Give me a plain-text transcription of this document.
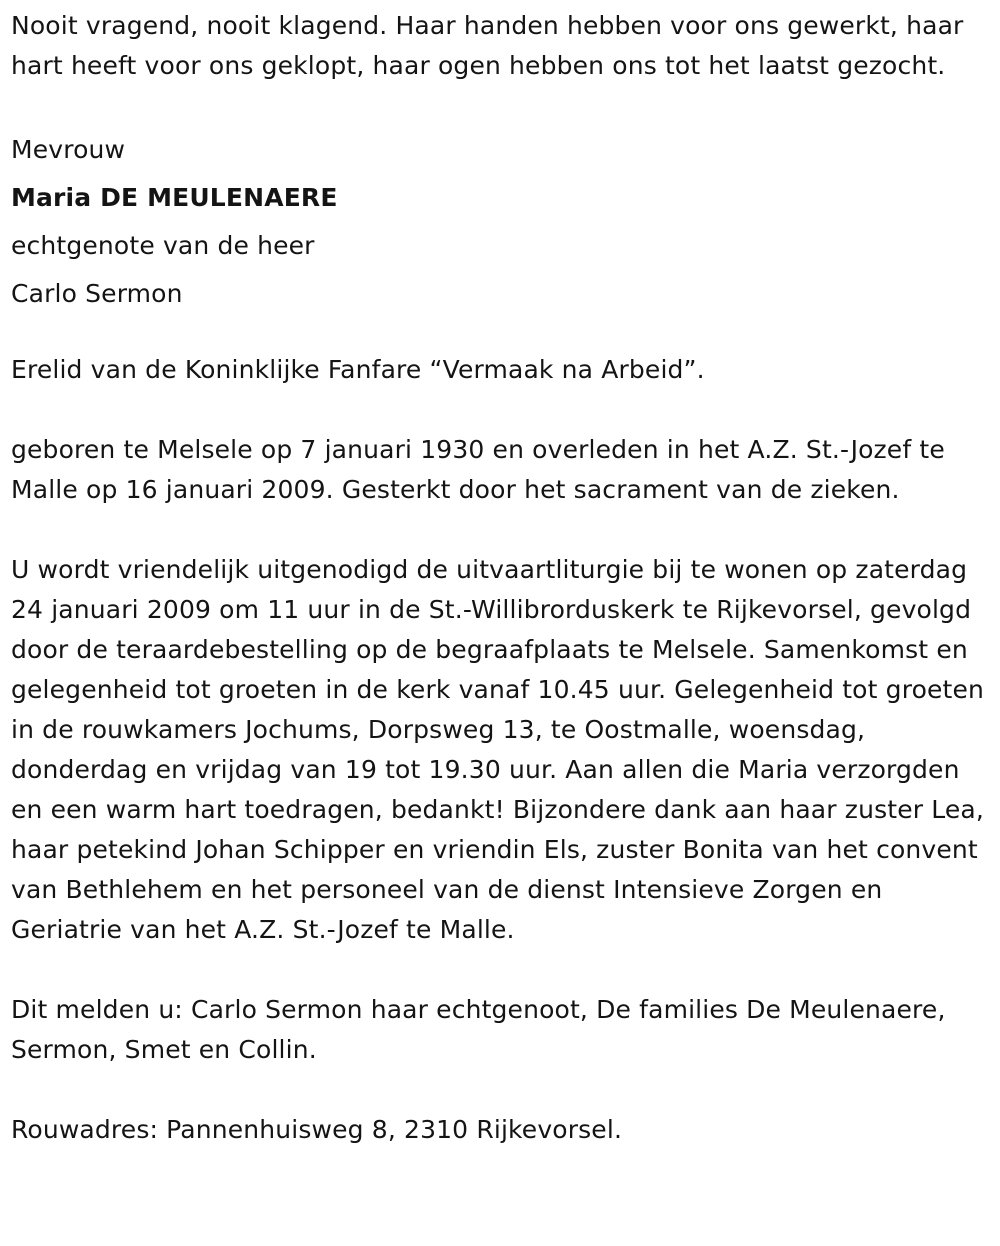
Nooit vragend, nooit klagend. Haar handen hebben voor ons gewerkt, haar hart heeft voor ons geklopt, haar ogen hebben ons tot het laatst gezocht.

Mevrouw

Maria DE MEULENAERE

echtgenote van de heer

Carlo Sermon

Erelid van de Koninklijke Fanfare “Vermaak na Arbeid”.

geboren te Melsele op 7 januari 1930 en overleden in het A.Z. St.-Jozef te Malle op 16 januari 2009. Gesterkt door het sacrament van de zieken.

U wordt vriendelijk uitgenodigd de uitvaartliturgie bij te wonen op zaterdag 24 januari 2009 om 11 uur in de St.-Willibrorduskerk te Rijkevorsel, gevolgd door de teraardebestelling op de begraafplaats te Melsele. Samenkomst en gelegenheid tot groeten in de kerk vanaf 10.45 uur. Gelegenheid tot groeten in de rouwkamers Jochums, Dorpsweg 13, te Oostmalle, woensdag, donderdag en vrijdag van 19 tot 19.30 uur. Aan allen die Maria verzorgden en een warm hart toedragen, bedankt! Bijzondere dank aan haar zuster Lea, haar petekind Johan Schipper en vriendin Els, zuster Bonita van het convent van Bethlehem en het personeel van de dienst Intensieve Zorgen en Geriatrie van het A.Z. St.-Jozef te Malle.

Dit melden u: Carlo Sermon haar echtgenoot, De families De Meulenaere, Sermon, Smet en Collin.

Rouwadres: Pannenhuisweg 8, 2310 Rijkevorsel.
